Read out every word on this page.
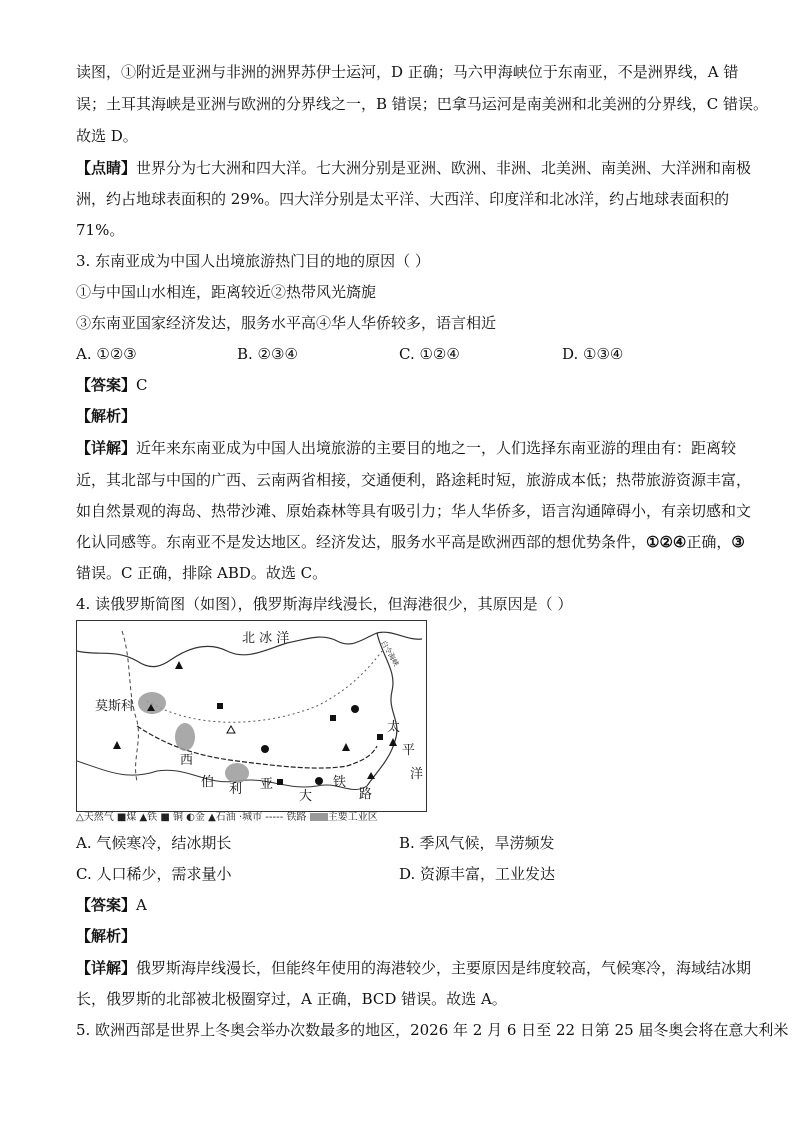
读图，①附近是亚洲与非洲的洲界苏伊士运河，D 正确；马六甲海峡位于东南亚，不是洲界线，A 错
误；土耳其海峡是亚洲与欧洲的分界线之一，B 错误；巴拿马运河是南美洲和北美洲的分界线，C 错误。
故选 D。
【点睛】世界分为七大洲和四大洋。七大洲分别是亚洲、欧洲、非洲、北美洲、南美洲、大洋洲和南极
洲，约占地球表面积的 29%。四大洋分别是太平洋、大西洋、印度洋和北冰洋，约占地球表面积的
71%。
3. 东南亚成为中国人出境旅游热门目的地的原因（ ）
①与中国山水相连，距离较近②热带风光旖旎
③东南亚国家经济发达，服务水平高④华人华侨较多，语言相近
A. ①②③	B. ②③④	C. ①②④	D. ①③④
【答案】C
【解析】
【详解】近年来东南亚成为中国人出境旅游的主要目的地之一，人们选择东南亚游的理由有：距离较
近，其北部与中国的广西、云南两省相接，交通便利，路途耗时短，旅游成本低；热带旅游资源丰富，
如自然景观的海岛、热带沙滩、原始森林等具有吸引力；华人华侨多，语言沟通障碍小，有亲切感和文
化认同感等。东南亚不是发达地区。经济发达，服务水平高是欧洲西部的想优势条件，①②④正确，③
错误。C 正确，排除 ABD。故选 C。
4. 读俄罗斯简图（如图），俄罗斯海岸线漫长，但海港很少，其原因是（ ）
北 冰 洋
莫斯科
太
平
洋
西
伯 利 亚
大
铁
路
白令海峡
△天然气 ■煤 ▲铁 ■ 铜 ◐金 ▲石油 ·城市 ----- 铁路 主要工业区
A. 气候寒冷，结冰期长	B. 季风气候，旱涝频发
C. 人口稀少，需求量小	D. 资源丰富，工业发达
【答案】A
【解析】
【详解】俄罗斯海岸线漫长，但能终年使用的海港较少，主要原因是纬度较高，气候寒冷，海域结冰期
长，俄罗斯的北部被北极圈穿过，A 正确，BCD 错误。故选 A。
5. 欧洲西部是世界上冬奥会举办次数最多的地区，2026 年 2 月 6 日至 22 日第 25 届冬奥会将在意大利米
